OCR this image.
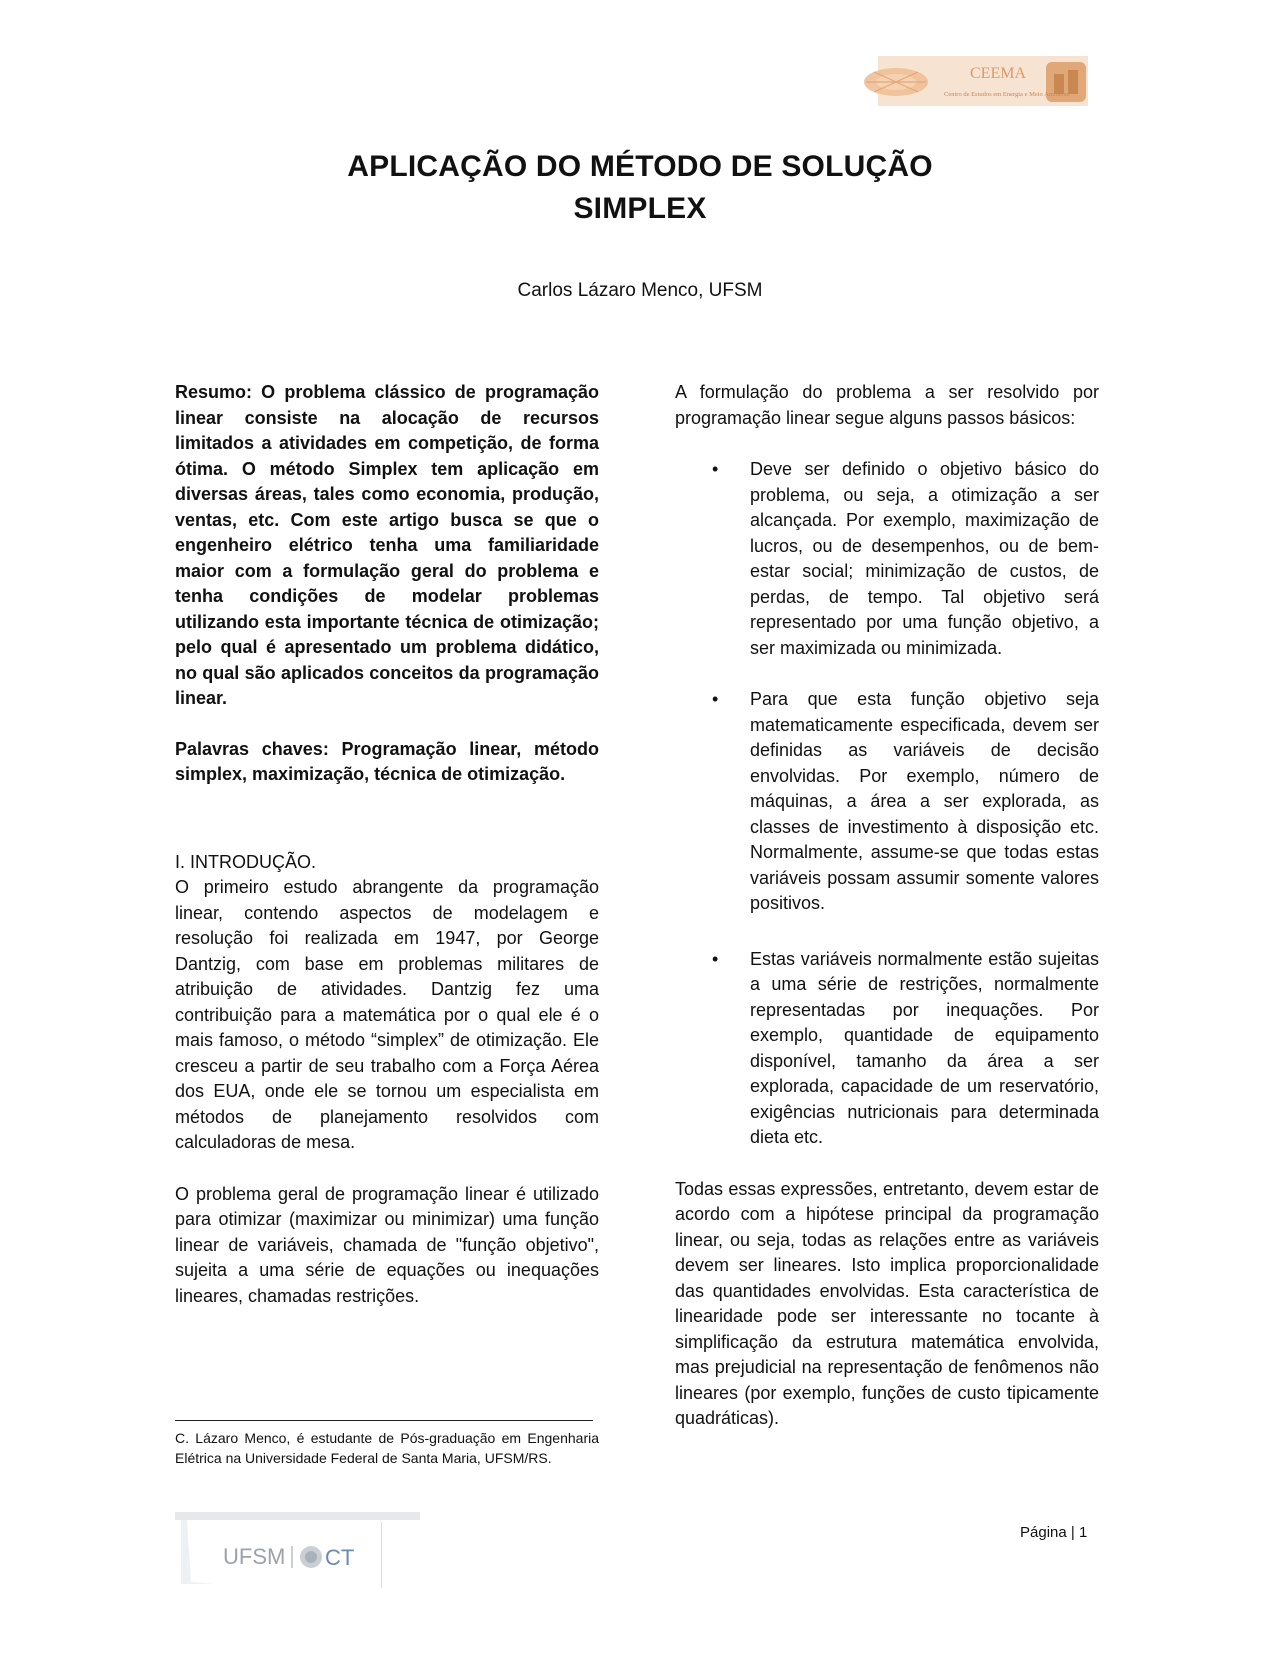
CEEMA
Centro de Estudos em Energia e Meio Ambiente
APLICAÇÃO DO MÉTODO DE SOLUÇÃO
SIMPLEX
Carlos Lázaro Menco, UFSM

Resumo: O problema clássico de programação linear consiste na alocação de recursos limitados a atividades em competição, de forma ótima. O método Simplex tem aplicação em diversas áreas, tales como economia, produção, ventas, etc. Com este artigo busca se que o engenheiro elétrico tenha uma familiaridade maior com a formulação geral do problema e tenha condições de modelar problemas utilizando esta importante técnica de otimização; pelo qual é apresentado um problema didático, no qual são aplicados conceitos da programação linear.

Palavras chaves: Programação linear, método simplex, maximização, técnica de otimização.

I. INTRODUÇÃO.

O primeiro estudo abrangente da programação linear, contendo aspectos de modelagem e resolução foi realizada em 1947, por George Dantzig, com base em problemas militares de atribuição de atividades. Dantzig fez uma contribuição para a matemática por o qual ele é o mais famoso, o método “simplex” de otimização. Ele cresceu a partir de seu trabalho com a Força Aérea dos EUA, onde ele se tornou um especialista em métodos de planejamento resolvidos com calculadoras de mesa.

O problema geral de programação linear é utilizado para otimizar (maximizar ou minimizar) uma função linear de variáveis, chamada de "função objetivo", sujeita a uma série de equações ou inequações lineares, chamadas restrições.

A formulação do problema a ser resolvido por programação linear segue alguns passos básicos:

• Deve ser definido o objetivo básico do problema, ou seja, a otimização a ser alcançada. Por exemplo, maximização de lucros, ou de desempenhos, ou de bem-estar social; minimização de custos, de perdas, de tempo. Tal objetivo será representado por uma função objetivo, a ser maximizada ou minimizada.

• Para que esta função objetivo seja matematicamente especificada, devem ser definidas as variáveis de decisão envolvidas. Por exemplo, número de máquinas, a área a ser explorada, as classes de investimento à disposição etc. Normalmente, assume-se que todas estas variáveis possam assumir somente valores positivos.

• Estas variáveis normalmente estão sujeitas a uma série de restrições, normalmente representadas por inequações. Por exemplo, quantidade de equipamento disponível, tamanho da área a ser explorada, capacidade de um reservatório, exigências nutricionais para determinada dieta etc.

Todas essas expressões, entretanto, devem estar de acordo com a hipótese principal da programação linear, ou seja, todas as relações entre as variáveis devem ser lineares. Isto implica proporcionalidade das quantidades envolvidas. Esta característica de linearidade pode ser interessante no tocante à simplificação da estrutura matemática envolvida, mas prejudicial na representação de fenômenos não lineares (por exemplo, funções de custo tipicamente quadráticas).

C. Lázaro Menco, é estudante de Pós-graduação em Engenharia Elétrica na Universidade Federal de Santa Maria, UFSM/RS.
UFSM CT
Página | 1
